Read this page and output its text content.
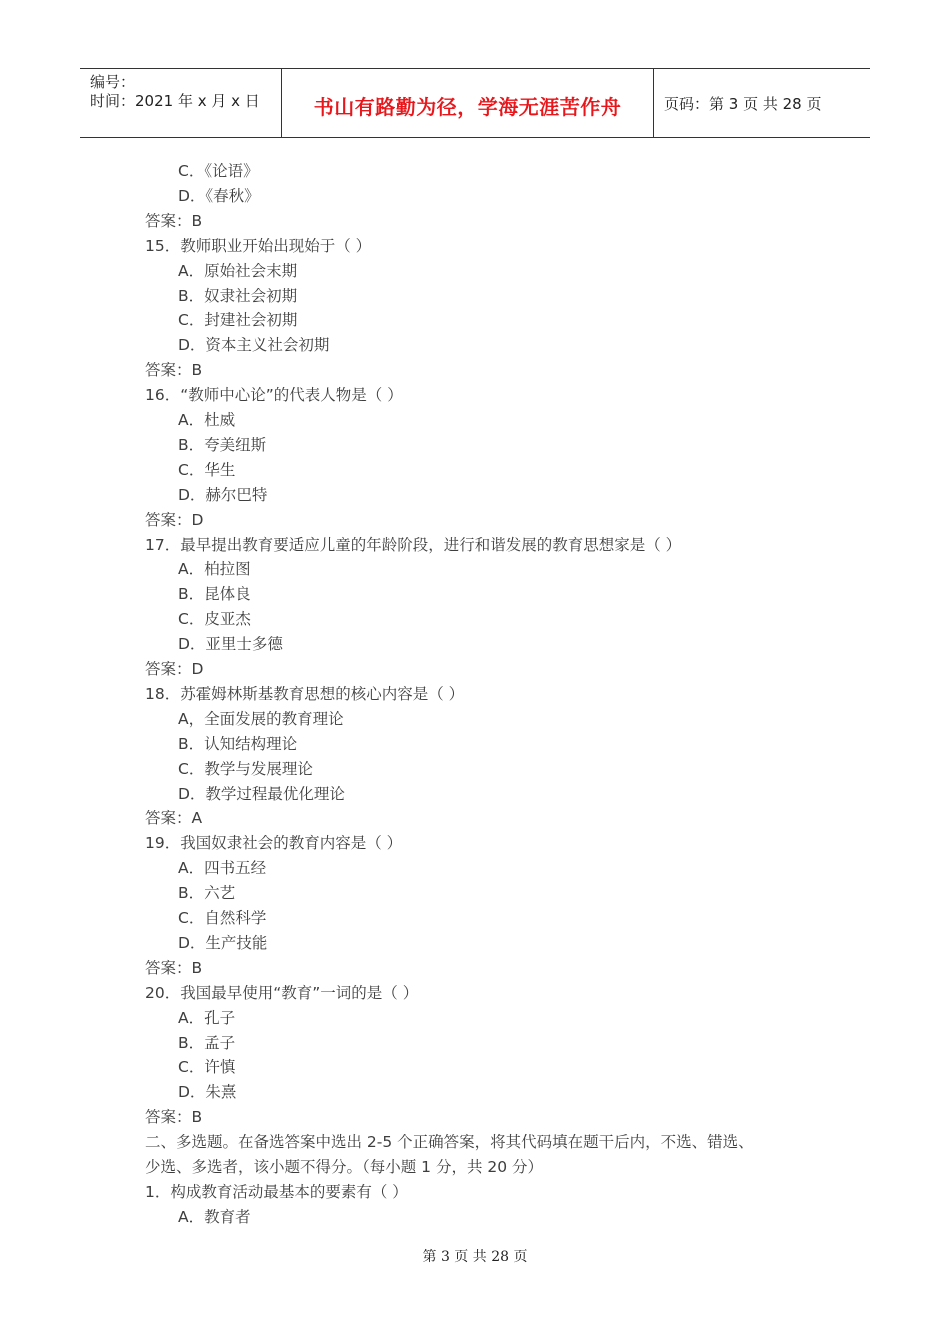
编号：
时间：2021 年 x 月 x 日	书山有路勤为径，学海无涯苦作舟	页码：第 3 页 共 28 页
C．《论语》
D．《春秋》
答案：B
15．教师职业开始出现始于（ ）
A．原始社会末期
B．奴隶社会初期
C．封建社会初期
D．资本主义社会初期
答案：B
16．“教师中心论”的代表人物是（ ）
A．杜威
B．夸美纽斯
C．华生
D．赫尔巴特
答案：D
17．最早提出教育要适应儿童的年龄阶段，进行和谐发展的教育思想家是（ ）
A．柏拉图
B．昆体良
C．皮亚杰
D．亚里士多德
答案：D
18．苏霍姆林斯基教育思想的核心内容是（ ）
A，全面发展的教育理论
B．认知结构理论
C．教学与发展理论
D．教学过程最优化理论
答案：A
19．我国奴隶社会的教育内容是（ ）
A．四书五经
B．六艺
C．自然科学
D．生产技能
答案：B
20．我国最早使用“教育”一词的是（ ）
A．孔子
B．孟子
C．许慎
D．朱熹
答案：B
二、多选题。在备选答案中选出 2-5 个正确答案，将其代码填在题干后内，不选、错选、
少选、多选者，该小题不得分。（每小题 1 分，共 20 分）
1．构成教育活动最基本的要素有（ ）
A．教育者
第 3 页 共 28 页
